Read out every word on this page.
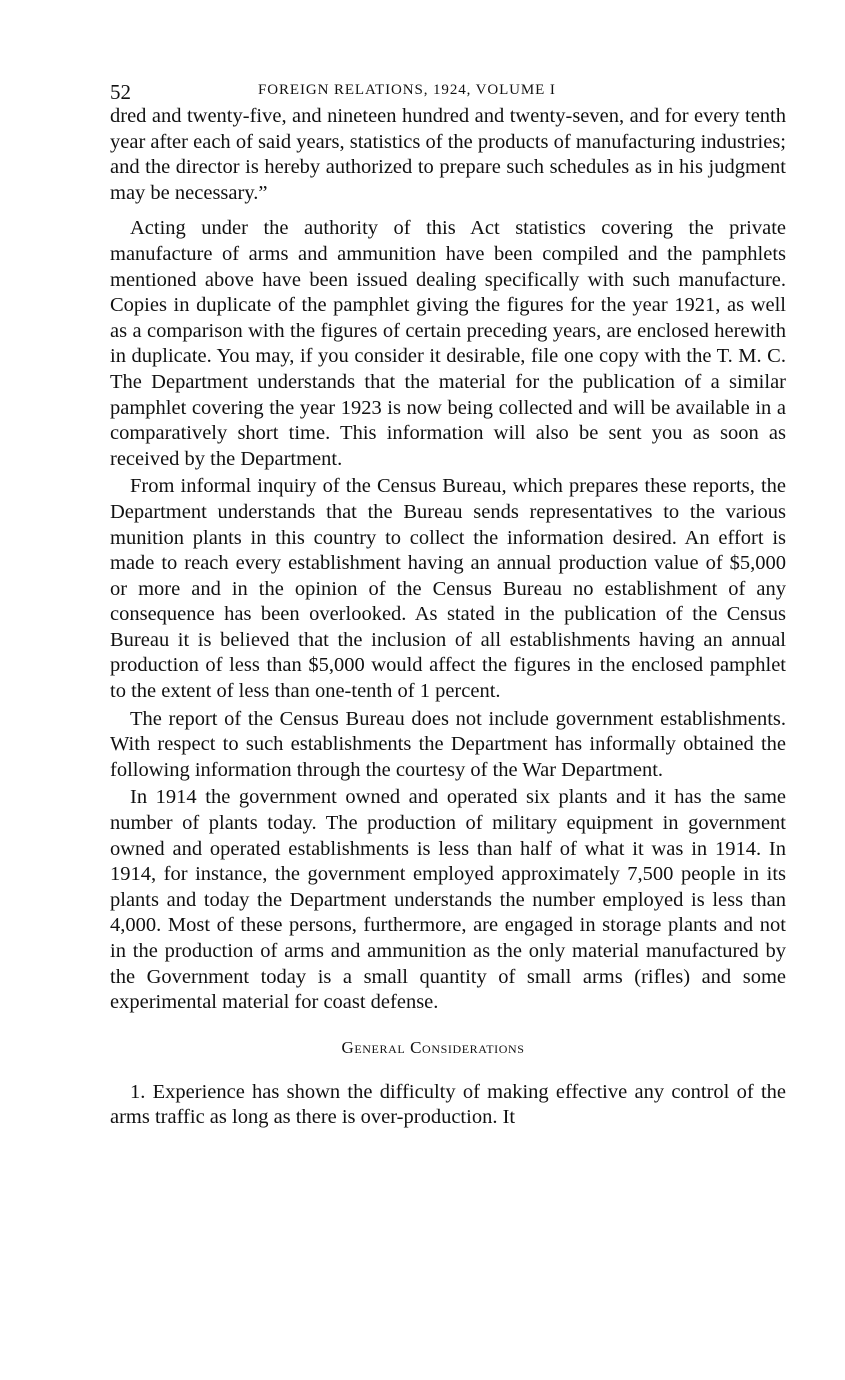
52	FOREIGN RELATIONS, 1924, VOLUME I

dred and twenty-five, and nineteen hundred and twenty-seven, and for every tenth year after each of said years, statistics of the products of manufacturing industries; and the director is hereby authorized to prepare such schedules as in his judgment may be necessary.”

Acting under the authority of this Act statistics covering the private manufacture of arms and ammunition have been compiled and the pamphlets mentioned above have been issued dealing specifically with such manufacture. Copies in duplicate of the pamphlet giving the figures for the year 1921, as well as a comparison with the figures of certain preceding years, are enclosed herewith in duplicate. You may, if you consider it desirable, file one copy with the T. M. C. The Department understands that the material for the publication of a similar pamphlet covering the year 1923 is now being collected and will be available in a comparatively short time. This information will also be sent you as soon as received by the Department.

From informal inquiry of the Census Bureau, which prepares these reports, the Department understands that the Bureau sends representatives to the various munition plants in this country to collect the information desired. An effort is made to reach every establishment having an annual production value of $5,000 or more and in the opinion of the Census Bureau no establishment of any consequence has been overlooked. As stated in the publication of the Census Bureau it is believed that the inclusion of all establishments having an annual production of less than $5,000 would affect the figures in the enclosed pamphlet to the extent of less than one-tenth of 1 percent.

The report of the Census Bureau does not include government establishments. With respect to such establishments the Department has informally obtained the following information through the courtesy of the War Department.

In 1914 the government owned and operated six plants and it has the same number of plants today. The production of military equipment in government owned and operated establishments is less than half of what it was in 1914. In 1914, for instance, the government employed approximately 7,500 people in its plants and today the Department understands the number employed is less than 4,000. Most of these persons, furthermore, are engaged in storage plants and not in the production of arms and ammunition as the only material manufactured by the Government today is a small quantity of small arms (rifles) and some experimental material for coast defense.

General Considerations

1. Experience has shown the difficulty of making effective any control of the arms traffic as long as there is over-production. It
